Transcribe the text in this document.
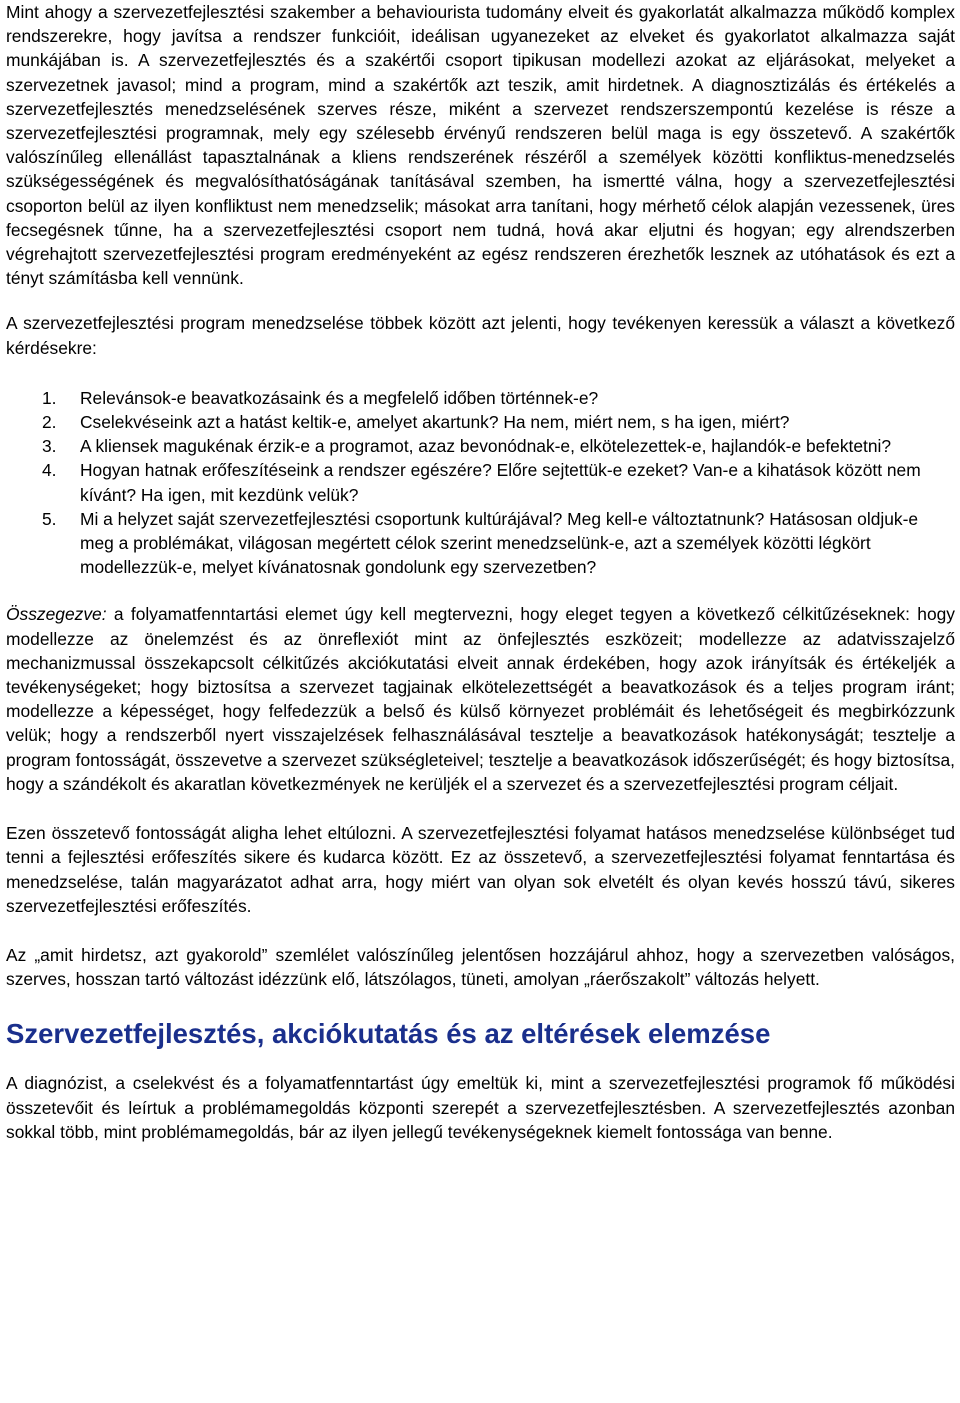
Mint ahogy a szervezetfejlesztési szakember a behaviourista tudomány elveit és gyakorlatát alkalmazza működő komplex rendszerekre, hogy javítsa a rendszer funkcióit, ideálisan ugyanezeket az elveket és gyakorlatot alkalmazza saját munkájában is. A szervezetfejlesztés és a szakértői csoport tipikusan modellezi azokat az eljárásokat, melyeket a szervezetnek javasol; mind a program, mind a szakértők azt teszik, amit hirdetnek. A diagnosztizálás és értékelés a szervezetfejlesztés menedzselésének szerves része, miként a szervezet rendszerszempontú kezelése is része a szervezetfejlesztési programnak, mely egy szélesebb érvényű rendszeren belül maga is egy összetevő. A szakértők valószínűleg ellenállást tapasztalnának a kliens rendszerének részéről a személyek közötti konfliktus-menedzselés szükségességének és megvalósíthatóságának tanításával szemben, ha ismertté válna, hogy a szervezetfejlesztési csoporton belül az ilyen konfliktust nem menedzselik; másokat arra tanítani, hogy mérhető célok alapján vezessenek, üres fecsegésnek tűnne, ha a szervezetfejlesztési csoport nem tudná, hová akar eljutni és hogyan; egy alrendszerben végrehajtott szervezetfejlesztési program eredményeként az egész rendszeren érezhetők lesznek az utóhatások és ezt a tényt számításba kell vennünk.

A szervezetfejlesztési program menedzselése többek között azt jelenti, hogy tevékenyen keressük a választ a következő kérdésekre:

1.	Relevánsok-e beavatkozásaink és a megfelelő időben történnek-e?
2.	Cselekvéseink azt a hatást keltik-e, amelyet akartunk? Ha nem, miért nem, s ha igen, miért?
3.	A kliensek magukénak érzik-e a programot, azaz bevonódnak-e, elkötelezettek-e, hajlandók-e befektetni?
4.	Hogyan hatnak erőfeszítéseink a rendszer egészére? Előre sejtettük-e ezeket? Van-e a kihatások között nem kívánt? Ha igen, mit kezdünk velük?
5.	Mi a helyzet saját szervezetfejlesztési csoportunk kultúrájával? Meg kell-e változtatnunk? Hatásosan oldjuk-e meg a problémákat, világosan megértett célok szerint menedzselünk-e, azt a személyek közötti légkört modellezzük-e, melyet kívánatosnak gondolunk egy szervezetben?

Összegezve: a folyamatfenntartási elemet úgy kell megtervezni, hogy eleget tegyen a következő célkitűzéseknek: hogy modellezze az önelemzést és az önreflexiót mint az önfejlesztés eszközeit; modellezze az adatvisszajelző mechanizmussal összekapcsolt célkitűzés akciókutatási elveit annak érdekében, hogy azok irányítsák és értékeljék a tevékenységeket; hogy biztosítsa a szervezet tagjainak elkötelezettségét a beavatkozások és a teljes program iránt; modellezze a képességet, hogy felfedezzük a belső és külső környezet problémáit és lehetőségeit és megbirkózzunk velük; hogy a rendszerből nyert visszajelzések felhasználásával tesztelje a beavatkozások hatékonyságát; tesztelje a program fontosságát, összevetve a szervezet szükségleteivel; tesztelje a beavatkozások időszerűségét; és hogy biztosítsa, hogy a szándékolt és akaratlan következmények ne kerüljék el a szervezet és a szervezetfejlesztési program céljait.

Ezen összetevő fontosságát aligha lehet eltúlozni. A szervezetfejlesztési folyamat hatásos menedzselése különbséget tud tenni a fejlesztési erőfeszítés sikere és kudarca között. Ez az összetevő, a szervezetfejlesztési folyamat fenntartása és menedzselése, talán magyarázatot adhat arra, hogy miért van olyan sok elvetélt és olyan kevés hosszú távú, sikeres szervezetfejlesztési erőfeszítés.

Az „amit hirdetsz, azt gyakorold” szemlélet valószínűleg jelentősen hozzájárul ahhoz, hogy a szervezetben valóságos, szerves, hosszan tartó változást idézzünk elő, látszólagos, tüneti, amolyan „ráerőszakolt” változás helyett.

Szervezetfejlesztés, akciókutatás és az eltérések elemzése

A diagnózist, a cselekvést és a folyamatfenntartást úgy emeltük ki, mint a szervezetfejlesztési programok fő működési összetevőit és leírtuk a problémamegoldás központi szerepét a szervezetfejlesztésben. A szervezetfejlesztés azonban sokkal több, mint problémamegoldás, bár az ilyen jellegű tevékenységeknek kiemelt fontossága van benne.
